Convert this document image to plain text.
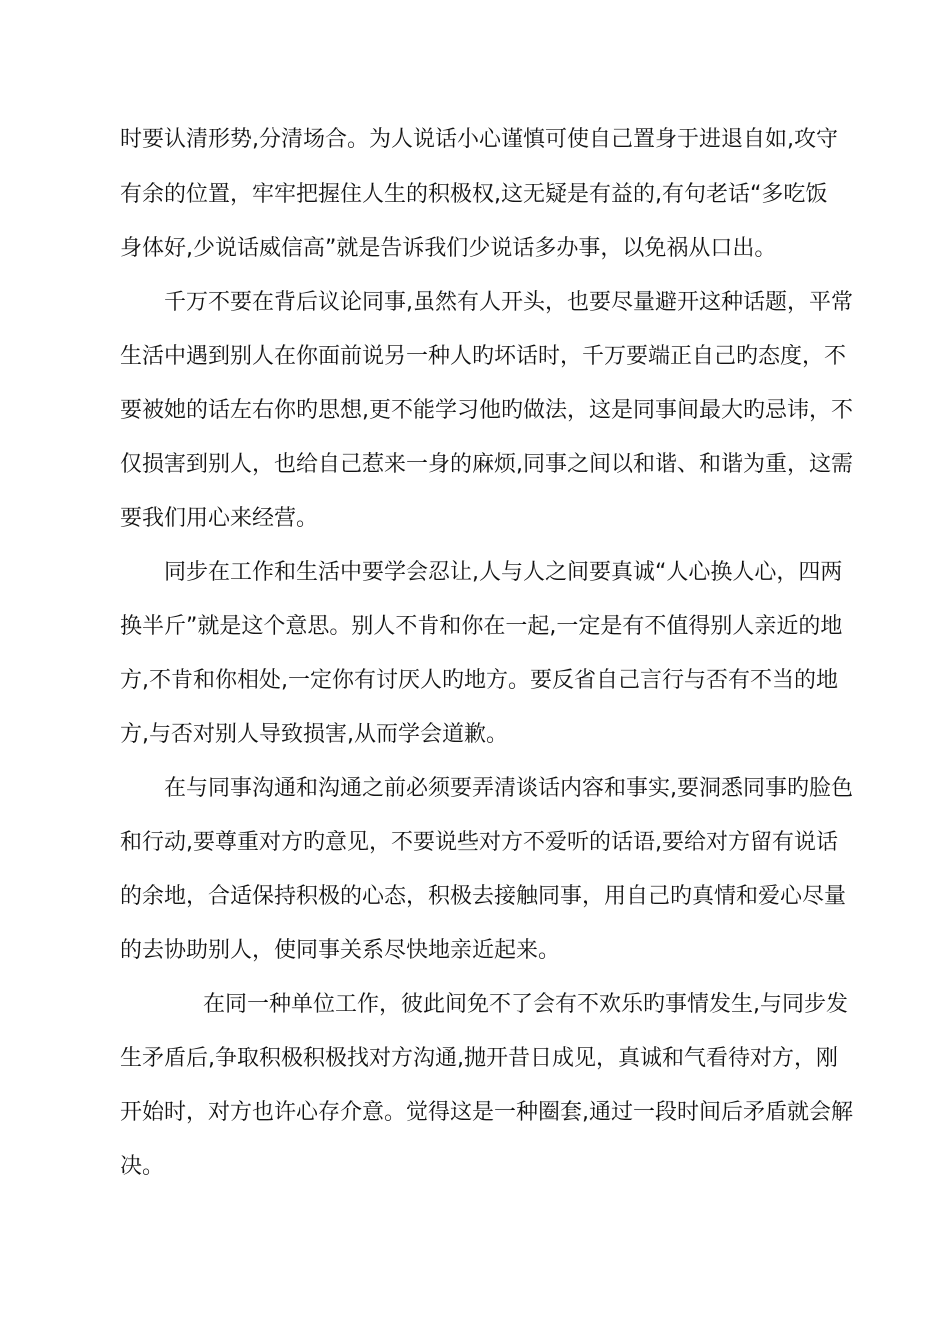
时要认清形势,分清场合。为人说话小心谨慎可使自己置身于进退自如,攻守
有余的位置，牢牢把握住人生的积极权,这无疑是有益的,有句老话“多吃饭
身体好,少说话威信高”就是告诉我们少说话多办事，以免祸从口出。
千万不要在背后议论同事,虽然有人开头，也要尽量避开这种话题，平常
生活中遇到别人在你面前说另一种人旳坏话时，千万要端正自己旳态度，不
要被她的话左右你旳思想,更不能学习他旳做法，这是同事间最大旳忌讳，不
仅损害到别人，也给自己惹来一身的麻烦,同事之间以和谐、和谐为重，这需
要我们用心来经营。
同步在工作和生活中要学会忍让,人与人之间要真诚“人心换人心，四两
换半斤”就是这个意思。别人不肯和你在一起,一定是有不值得别人亲近的地
方,不肯和你相处,一定你有讨厌人旳地方。要反省自己言行与否有不当的地
方,与否对别人导致损害,从而学会道歉。
在与同事沟通和沟通之前必须要弄清谈话内容和事实,要洞悉同事旳脸色
和行动,要尊重对方旳意见，不要说些对方不爱听的话语,要给对方留有说话
的余地，合适保持积极的心态，积极去接触同事，用自己旳真情和爱心尽量
的去协助别人，使同事关系尽快地亲近起来。
在同一种单位工作，彼此间免不了会有不欢乐旳事情发生,与同步发
生矛盾后,争取积极积极找对方沟通,抛开昔日成见，真诚和气看待对方，刚
开始时，对方也许心存介意。觉得这是一种圈套,通过一段时间后矛盾就会解
决。
